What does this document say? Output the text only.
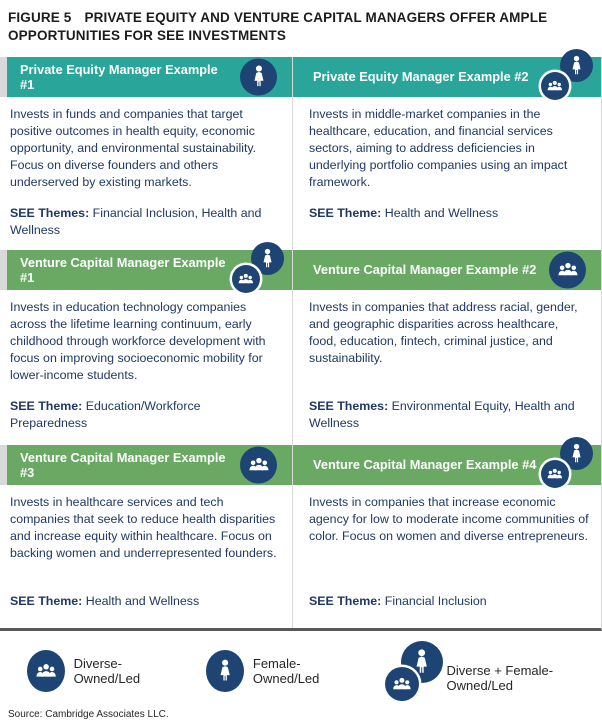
FIGURE 5 PRIVATE EQUITY AND VENTURE CAPITAL MANAGERS OFFER AMPLE OPPORTUNITIES FOR SEE INVESTMENTS
Private Equity Manager Example #1
Invests in funds and companies that target positive outcomes in health equity, economic opportunity, and environmental sustainability. Focus on diverse founders and others underserved by existing markets.
SEE Themes: Financial Inclusion, Health and Wellness
Private Equity Manager Example #2
Invests in middle-market companies in the healthcare, education, and financial services sectors, aiming to address deficiencies in underlying portfolio companies using an impact framework.
SEE Theme: Health and Wellness
Venture Capital Manager Example #1
Invests in education technology companies across the lifetime learning continuum, early childhood through workforce development with focus on improving socioeconomic mobility for lower-income students.
SEE Theme: Education/Workforce Preparedness
Venture Capital Manager Example #2
Invests in companies that address racial, gender, and geographic disparities across healthcare, food, education, fintech, criminal justice, and sustainability.
SEE Themes: Environmental Equity, Health and Wellness
Venture Capital Manager Example #3
Invests in healthcare services and tech companies that seek to reduce health disparities and increase equity within healthcare. Focus on backing women and underrepresented founders.
SEE Theme: Health and Wellness
Venture Capital Manager Example #4
Invests in companies that increase economic agency for low to moderate income communities of color. Focus on women and diverse entrepreneurs.
SEE Theme: Financial Inclusion
Diverse-Owned/Led
Female-Owned/Led
Diverse + Female-Owned/Led

Source: Cambridge Associates LLC.
